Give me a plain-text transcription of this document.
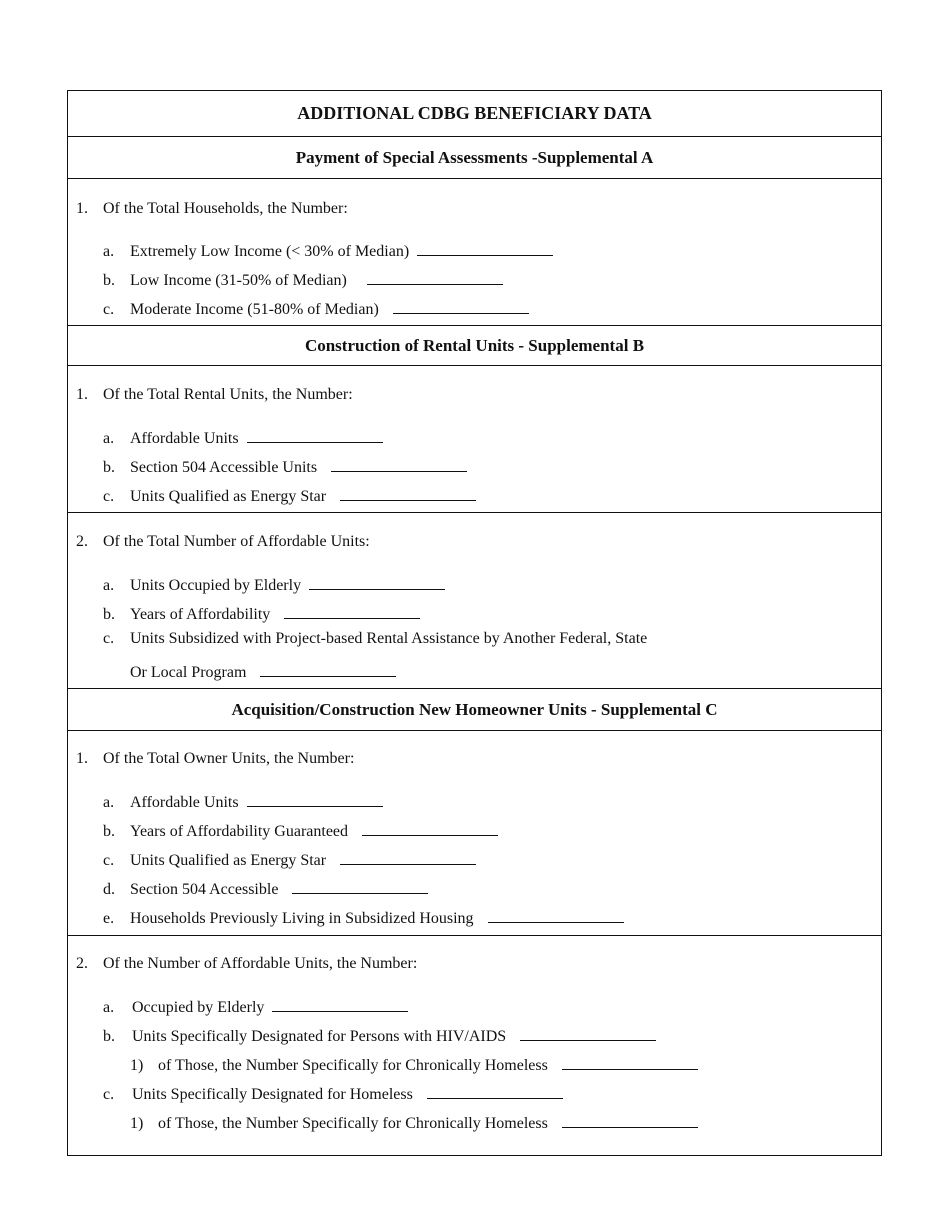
ADDITIONAL CDBG BENEFICIARY DATA
Payment of Special Assessments -Supplemental A
1. Of the Total Households, the Number:
a. Extremely Low Income (< 30% of Median)
b. Low Income (31-50% of Median)
c. Moderate Income (51-80% of Median)
Construction of Rental Units - Supplemental B
1. Of the Total Rental Units, the Number:
a. Affordable Units
b. Section 504 Accessible Units
c. Units Qualified as Energy Star
2. Of the Total Number of Affordable Units:
a. Units Occupied by Elderly
b. Years of Affordability
c. Units Subsidized with Project-based Rental Assistance by Another Federal, State
Or Local Program
Acquisition/Construction New Homeowner Units - Supplemental C
1. Of the Total Owner Units, the Number:
a. Affordable Units
b. Years of Affordability Guaranteed
c. Units Qualified as Energy Star
d. Section 504 Accessible
e. Households Previously Living in Subsidized Housing
2. Of the Number of Affordable Units, the Number:
a. Occupied by Elderly
b. Units Specifically Designated for Persons with HIV/AIDS
1) of Those, the Number Specifically for Chronically Homeless
c. Units Specifically Designated for Homeless
1) of Those, the Number Specifically for Chronically Homeless
